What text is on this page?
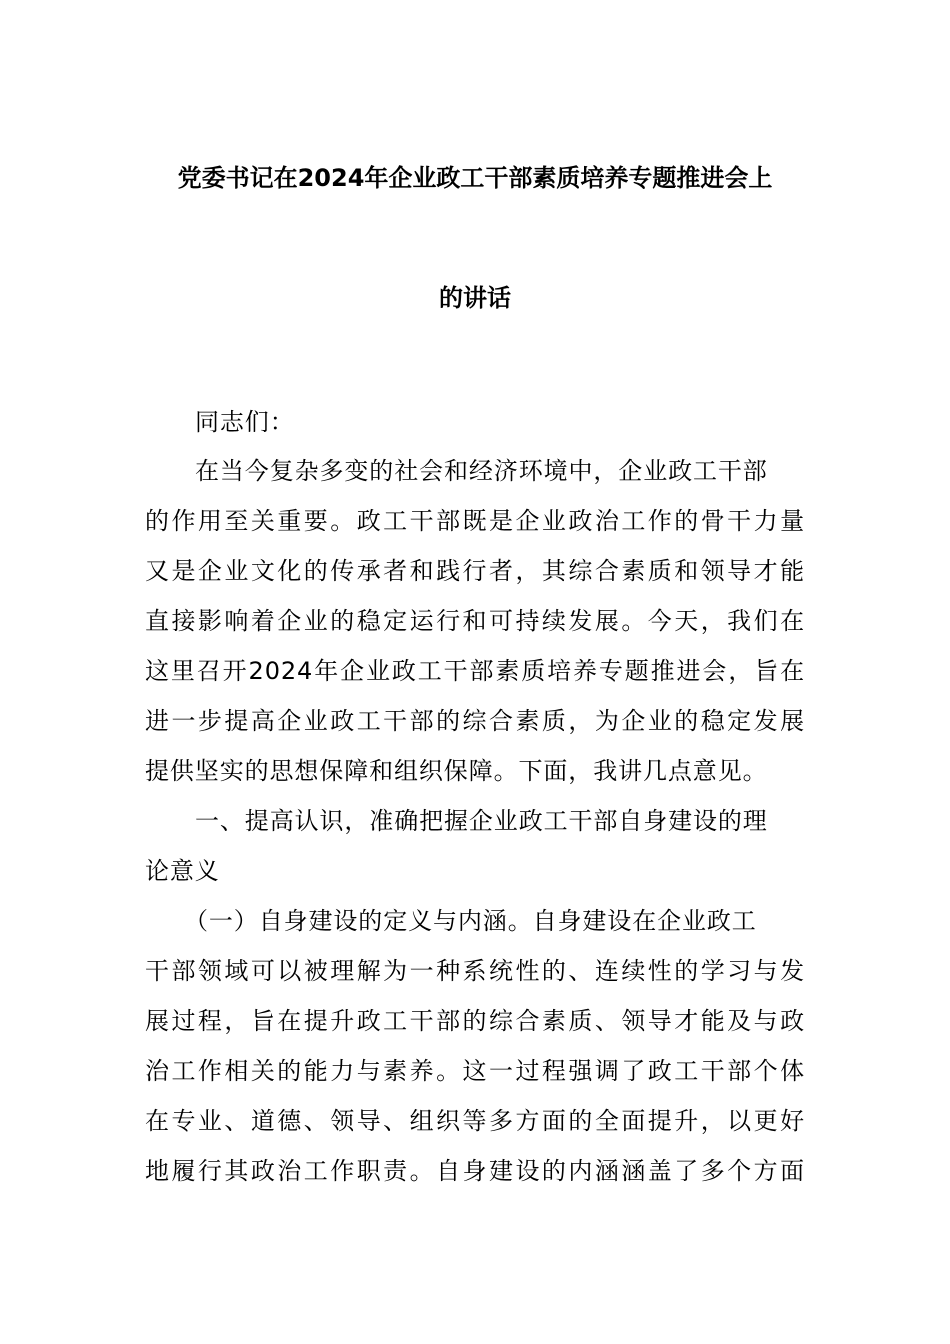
党委书记在2024年企业政工干部素质培养专题推进会上
的讲话
同志们：
在当今复杂多变的社会和经济环境中，企业政工干部
的作用至关重要。政工干部既是企业政治工作的骨干力量
又是企业文化的传承者和践行者，其综合素质和领导才能
直接影响着企业的稳定运行和可持续发展。今天，我们在
这里召开2024年企业政工干部素质培养专题推进会，旨在
进一步提高企业政工干部的综合素质，为企业的稳定发展
提供坚实的思想保障和组织保障。下面，我讲几点意见。
一、提高认识，准确把握企业政工干部自身建设的理
论意义
（一）自身建设的定义与内涵。自身建设在企业政工
干部领域可以被理解为一种系统性的、连续性的学习与发
展过程，旨在提升政工干部的综合素质、领导才能及与政
治工作相关的能力与素养。这一过程强调了政工干部个体
在专业、道德、领导、组织等多方面的全面提升，以更好
地履行其政治工作职责。自身建设的内涵涵盖了多个方面
